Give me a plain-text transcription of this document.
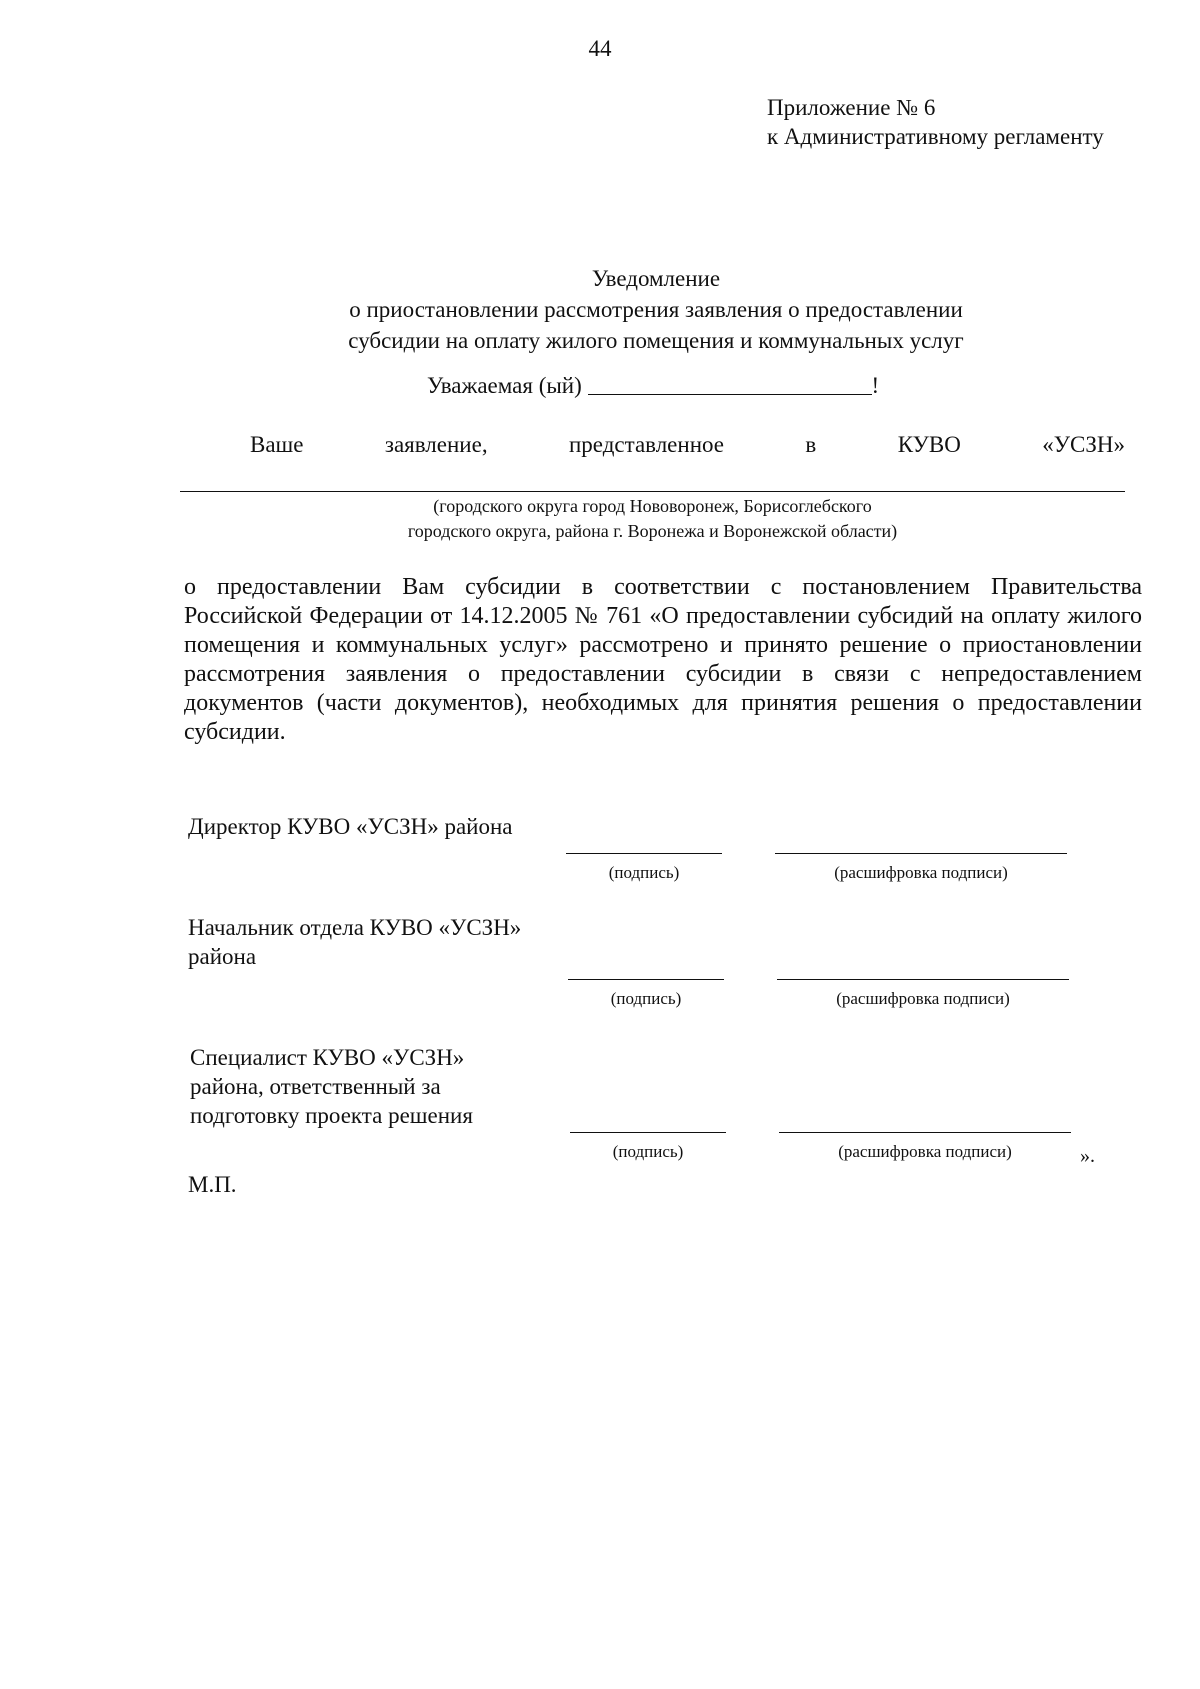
44
Приложение № 6
к Административному регламенту
Уведомление
о приостановлении рассмотрения заявления о предоставлении
субсидии на оплату жилого помещения и коммунальных услуг
Уважаемая (ый)	!
Ваше	заявление,	представленное	в	КУВО	«УСЗН»
(городского округа город Нововоронеж, Борисоглебского
городского округа, района г. Воронежа и Воронежской области)
о предоставлении Вам субсидии в соответствии с постановлением Правительства Российской Федерации от 14.12.2005 № 761 «О предоставлении субсидий на оплату жилого помещения и коммунальных услуг» рассмотрено и принято решение о приостановлении рассмотрения заявления о предоставлении субсидии в связи с непредоставлением документов (части документов), необходимых для принятия решения о предоставлении субсидии.
Директор КУВО «УСЗН» района
(подпись)	(расшифровка подписи)
Начальник отдела КУВО «УСЗН»
района
(подпись)	(расшифровка подписи)
Специалист КУВО «УСЗН»
района, ответственный за
подготовку проекта решения
(подпись)	(расшифровка подписи)	».
М.П.
